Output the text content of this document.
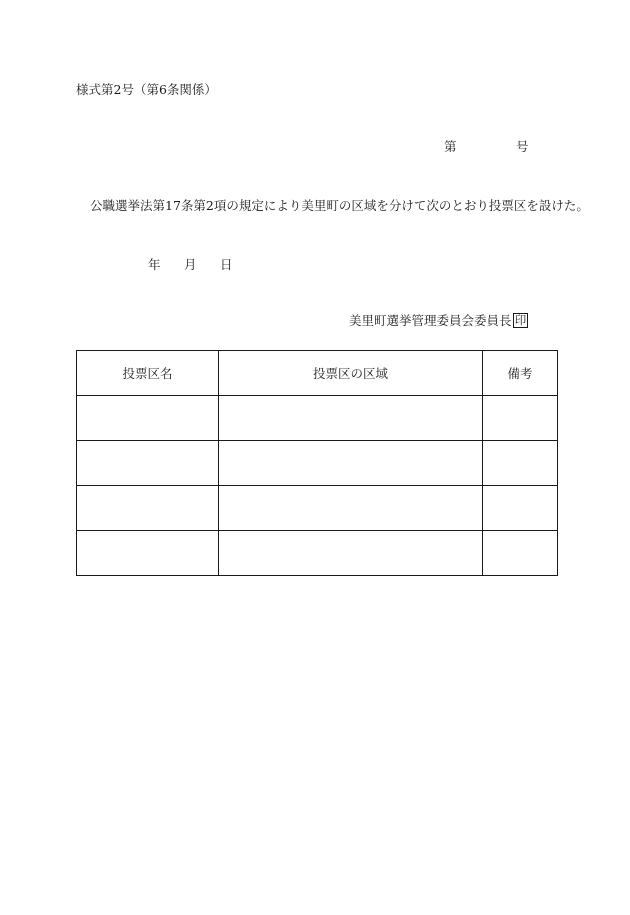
様式第2号（第6条関係）
第	号
公職選挙法第17条第2項の規定により美里町の区域を分けて次のとおり投票区を設けた。
年 月 日
美里町選挙管理委員会委員長 印
投票区名	投票区の区域	備考
